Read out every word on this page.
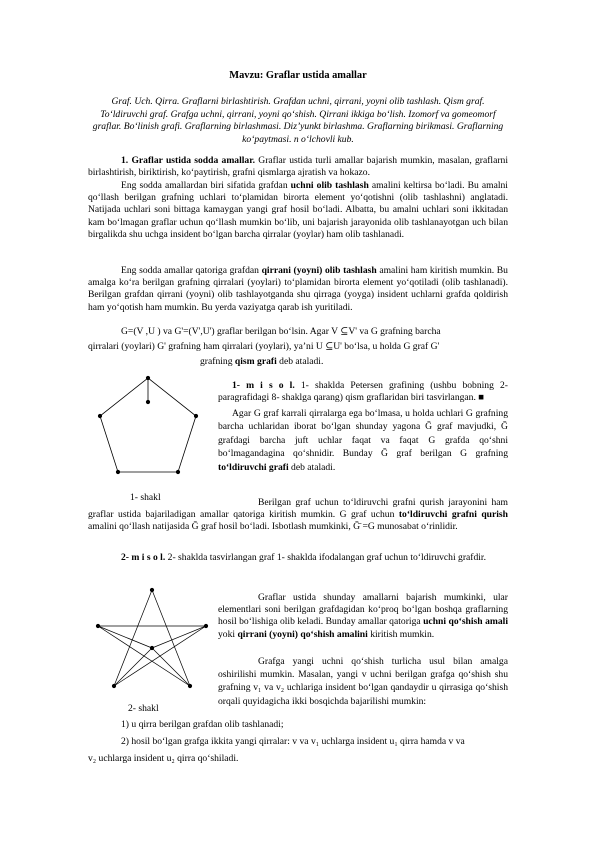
Mavzu: Graflar ustida amallar
Graf. Uch. Qirra. Graflarni birlashtirish. Grafdan uchni, qirrani, yoyni olib tashlash. Qism graf. To‘ldiruvchi graf. Grafga uchni, qirrani, yoyni qo‘shish. Qirrani ikkiga bo‘lish. Izomorf va gomeomorf graflar. Bo‘linish grafi. Graflarning birlashmasi. Diz’yunkt birlashma. Graflarning birikmasi. Graflarning ko‘paytmasi. n o‘lchovli kub.
1. Graflar ustida sodda amallar. Graflar ustida turli amallar bajarish mumkin, masalan, graflarni birlashtirish, biriktirish, ko‘paytirish, grafni qismlarga ajratish va hokazo.
Eng sodda amallardan biri sifatida grafdan uchni olib tashlash amalini keltirsa bo‘ladi. Bu amalni qo‘llash berilgan grafning uchlari to‘plamidan birorta element yo‘qotishni (olib tashlashni) anglatadi. Natijada uchlari soni bittaga kamaygan yangi graf hosil bo‘ladi. Albatta, bu amalni uchlari soni ikkitadan kam bo‘lmagan graflar uchun qo‘llash mumkin bo‘lib, uni bajarish jarayonida olib tashlanayotgan uch bilan birgalikda shu uchga insident bo‘lgan barcha qirralar (yoylar) ham olib tashlanadi.
Eng sodda amallar qatoriga grafdan qirrani (yoyni) olib tashlash amalini ham kiritish mumkin. Bu amalga ko‘ra berilgan grafning qirralari (yoylari) to‘plamidan birorta element yo‘qotiladi (olib tashlanadi). Berilgan grafdan qirrani (yoyni) olib tashlayotganda shu qirraga (yoyga) insident uchlarni grafda qoldirish ham yo‘qotish ham mumkin. Bu yerda vaziyatga qarab ish yuritiladi.
G=(V ,U ) va G'=(V',U') graflar berilgan bo‘lsin. Agar V ⊆V' va G grafning barcha
qirralari (yoylari) G' grafning ham qirralari (yoylari), ya’ni U ⊆U' bo‘lsa, u holda G graf G'
grafning qism grafi deb ataladi.
1- shakl
1- m i s o l. 1- shaklda Petersen grafining (ushbu bobning 2- paragrafidagi 8- shaklga qarang) qism graflaridan biri tasvirlangan. ■
Agar G graf karrali qirralarga ega bo‘lmasa, u holda uchlari G grafning barcha uchlaridan iborat bo‘lgan shunday yagona Ḡ graf mavjudki, Ḡ grafdagi barcha juft uchlar faqat va faqat G grafda qo‘shni bo‘lmagandagina qo‘shnidir. Bunday Ḡ graf berilgan G grafning to‘ldiruvchi grafi deb ataladi.
Berilgan graf uchun to‘ldiruvchi grafni qurish jarayonini ham graflar ustida bajariladigan amallar qatoriga kiritish mumkin. G graf uchun to‘ldiruvchi grafni qurish amalini qo‘llash natijasida Ḡ graf hosil bo‘ladi. Isbotlash mumkinki, Ḡ̄ =G munosabat o‘rinlidir.
2- m i s o l. 2- shaklda tasvirlangan graf 1- shaklda ifodalangan graf uchun to‘ldiruvchi grafdir.
2- shakl
Graflar ustida shunday amallarni bajarish mumkinki, ular elementlari soni berilgan grafdagidan ko‘proq bo‘lgan boshqa graflarning hosil bo‘lishiga olib keladi. Bunday amallar qatoriga uchni qo‘shish amali yoki qirrani (yoyni) qo‘shish amalini kiritish mumkin.
Grafga yangi uchni qo‘shish turlicha usul bilan amalga oshirilishi mumkin. Masalan, yangi v uchni berilgan grafga qo‘shish shu grafning v₁ va v₂ uchlariga insident bo‘lgan qandaydir u qirrasiga qo‘shish orqali quyidagicha ikki bosqichda bajarilishi mumkin:
1) u qirra berilgan grafdan olib tashlanadi;
2) hosil bo‘lgan grafga ikkita yangi qirralar: v va v₁ uchlarga insident u₁ qirra hamda v va
v₂ uchlarga insident u₂ qirra qo‘shiladi.
